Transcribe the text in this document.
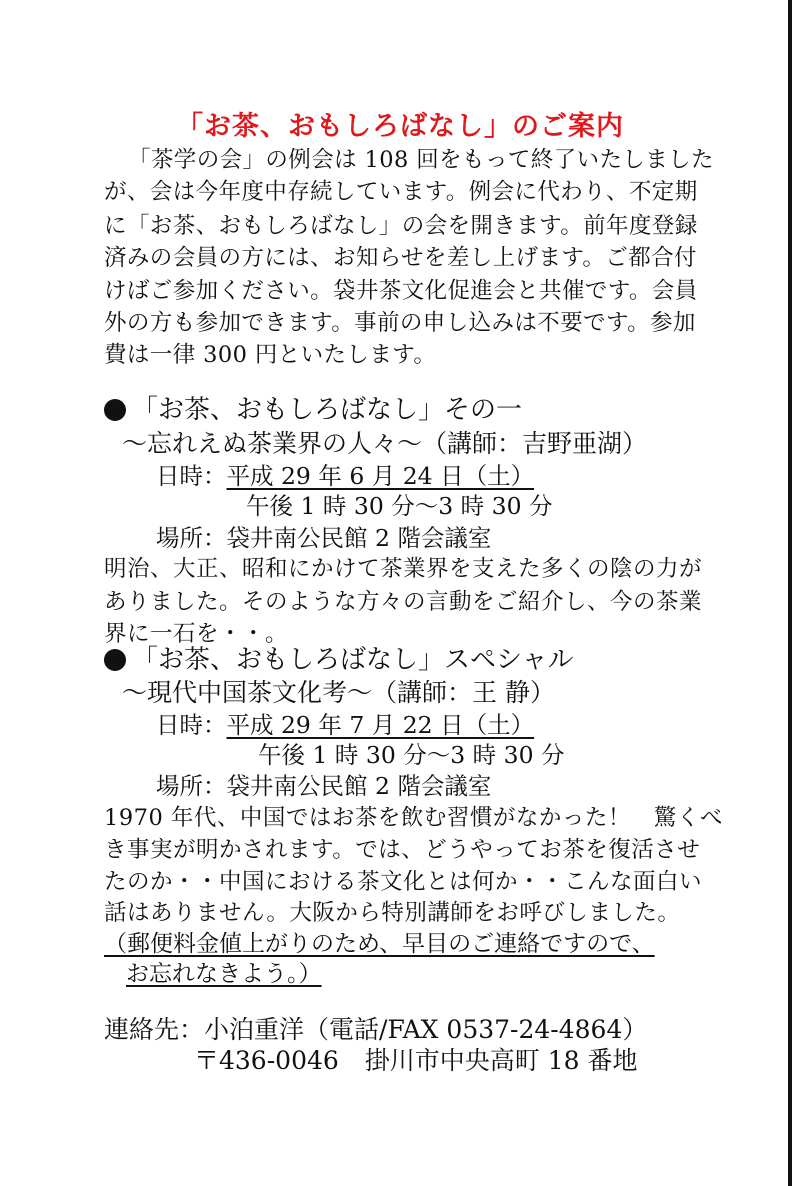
「お茶、おもしろばなし」のご案内
「茶学の会」の例会は 108 回をもって終了いたしました
が、会は今年度中存続しています。例会に代わり、不定期
に「お茶、おもしろばなし」の会を開きます。前年度登録
済みの会員の方には、お知らせを差し上げます。ご都合付
けばご参加ください。袋井茶文化促進会と共催です。会員
外の方も参加できます。事前の申し込みは不要です。参加
費は一律 300 円といたします。
「お茶、おもしろばなし」その一
～忘れえぬ茶業界の人々～（講師：吉野亜湖）
日時：平成 29 年 6 月 24 日（土）
午後 1 時 30 分～3 時 30 分
場所：袋井南公民館 2 階会議室
明治、大正、昭和にかけて茶業界を支えた多くの陰の力が
ありました。そのような方々の言動をご紹介し、今の茶業
界に一石を・・。
「お茶、おもしろばなし」スペシャル
～現代中国茶文化考～（講師：王 静）
日時：平成 29 年 7 月 22 日（土）
午後 1 時 30 分～3 時 30 分
場所：袋井南公民館 2 階会議室
1970 年代、中国ではお茶を飲む習慣がなかった！　驚くべ
き事実が明かされます。では、どうやってお茶を復活させ
たのか・・中国における茶文化とは何か・・こんな面白い
話はありません。大阪から特別講師をお呼びしました。
（郵便料金値上がりのため、早目のご連絡ですので、
お忘れなきよう。）
連絡先：小泊重洋（電話/FAX 0537-24-4864）
〒436-0046 掛川市中央高町 18 番地
